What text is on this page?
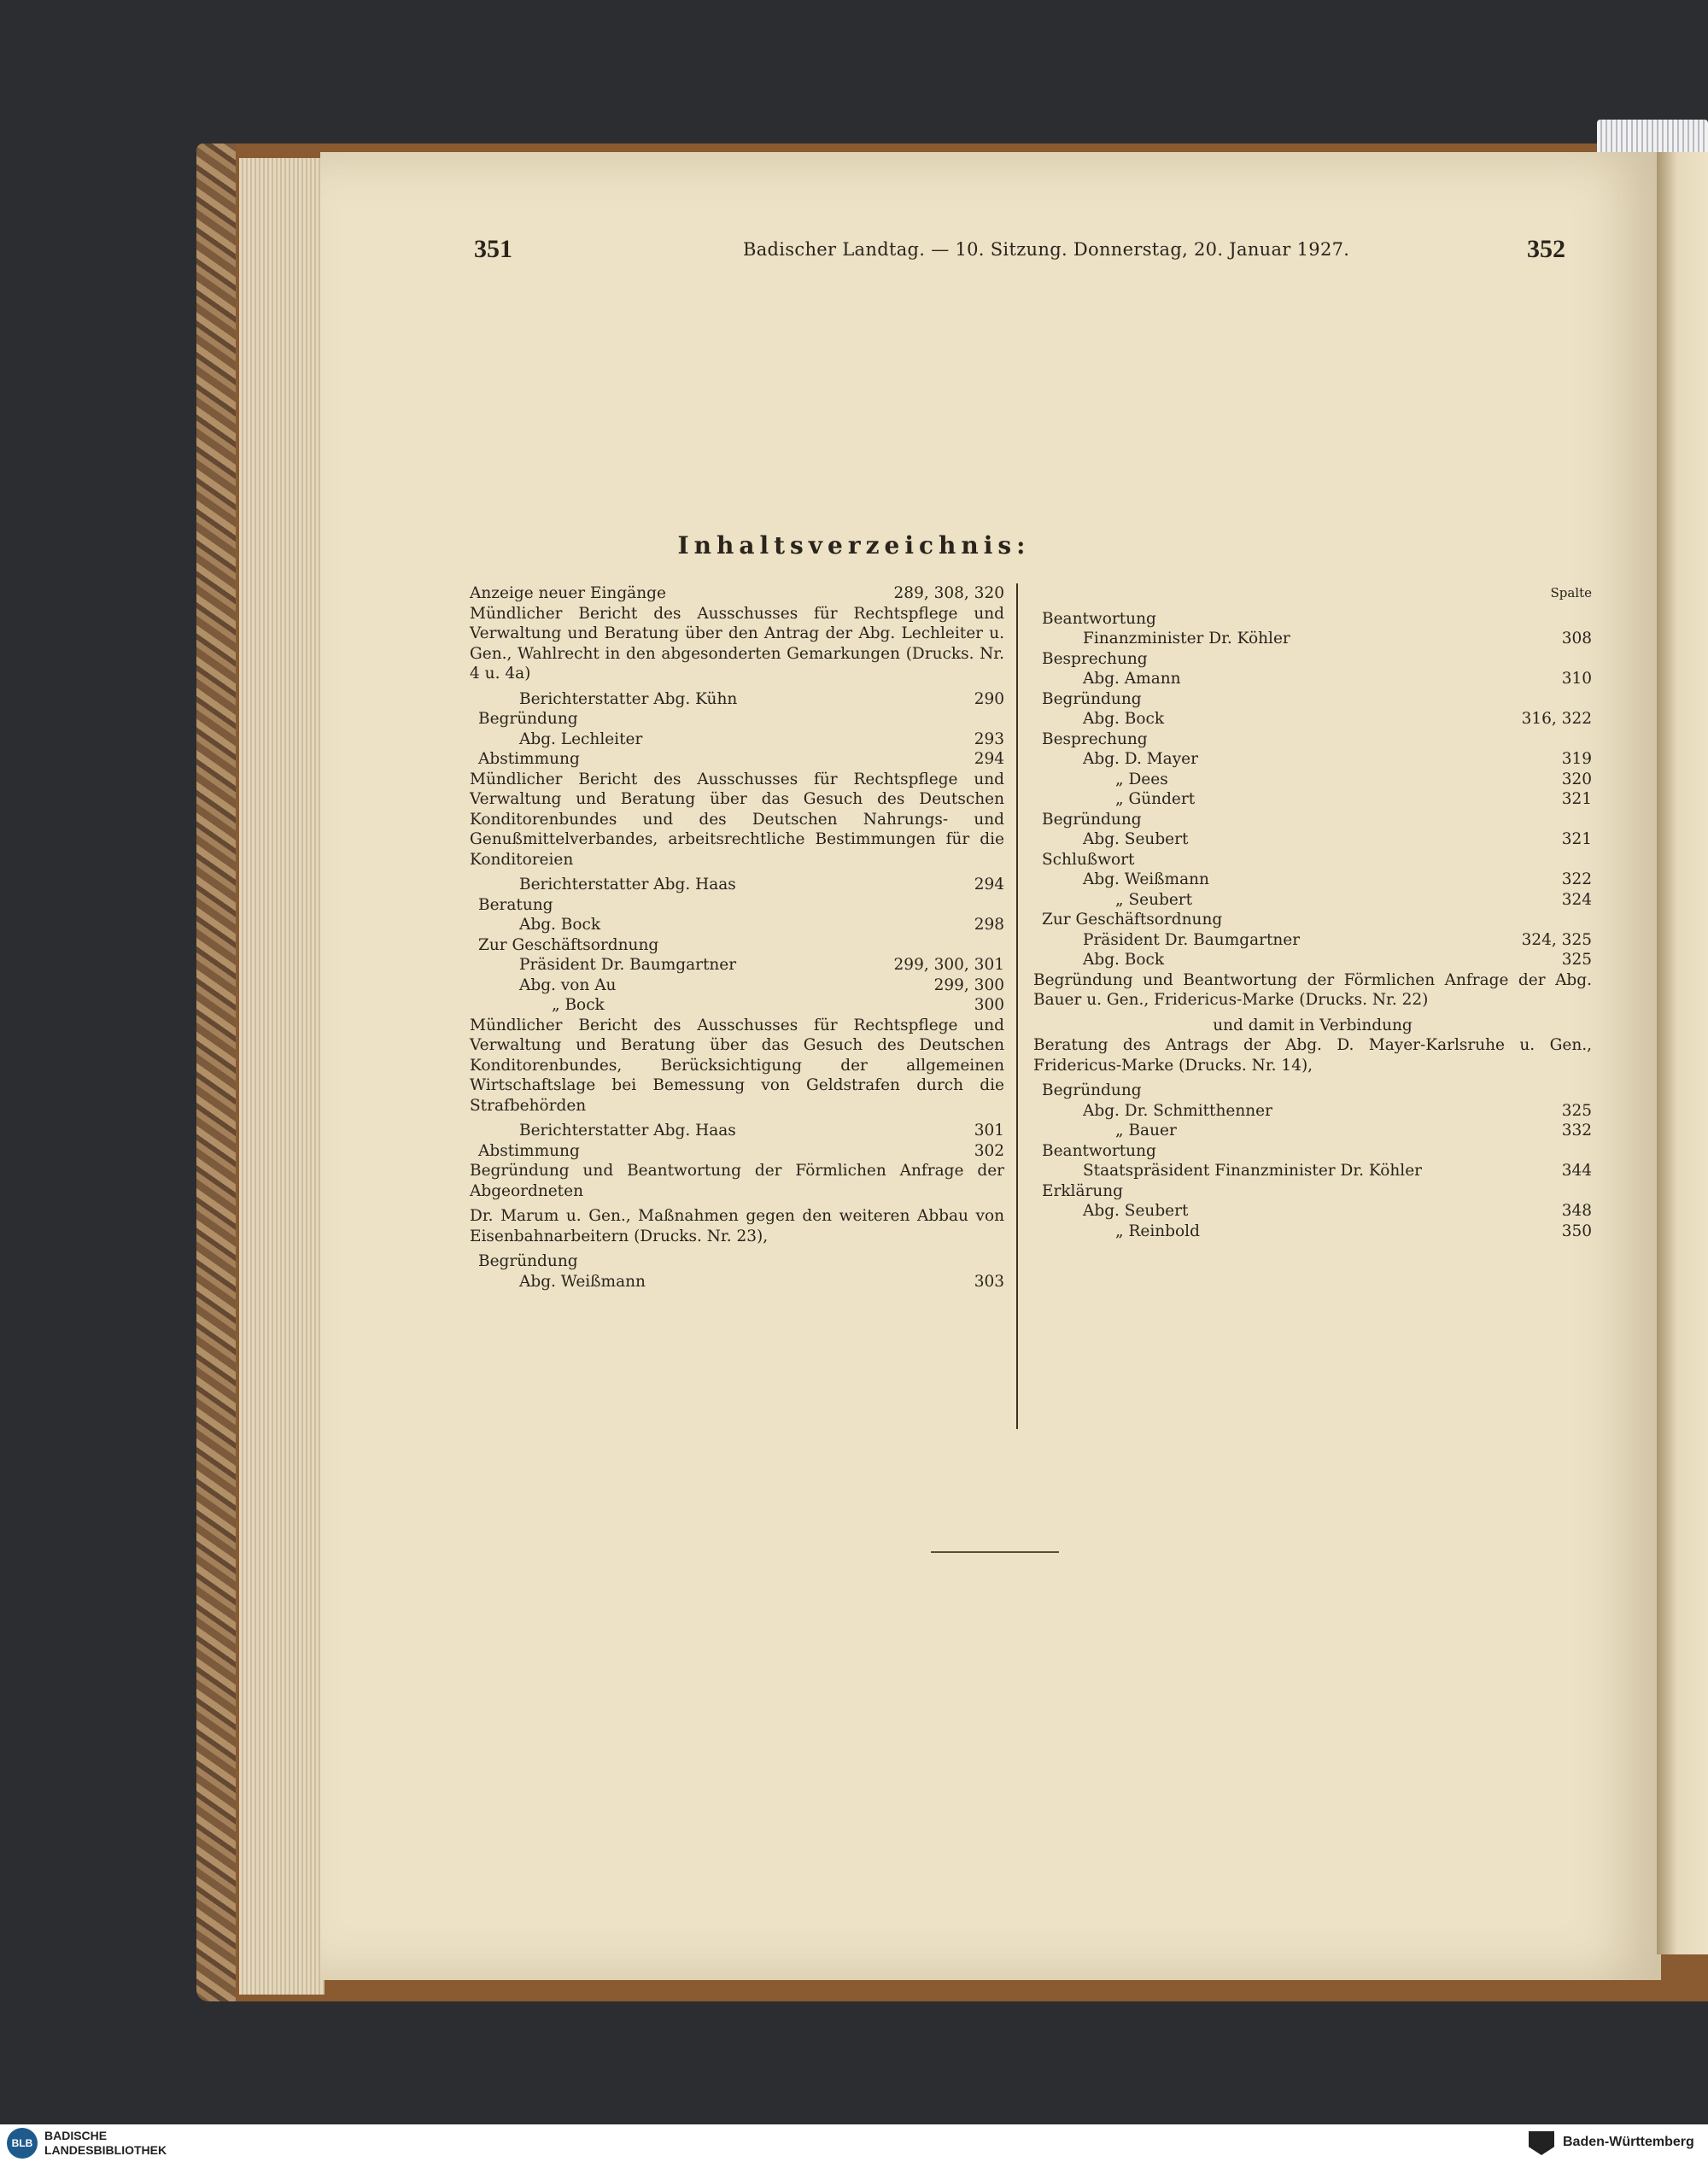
351	Badischer Landtag. — 10. Sitzung. Donnerstag, 20. Januar 1927.	352
Inhaltsverzeichnis:
Anzeige neuer Eingänge	289, 308, 320
Mündlicher Bericht des Ausschusses für Rechtspflege und Verwaltung und Beratung über den Antrag der Abg. Lechleiter u. Gen., Wahlrecht in den abgesonderten Gemarkungen (Drucks. Nr. 4 u. 4a)
Berichterstatter Abg. Kühn	290
Begründung
Abg. Lechleiter	293
Abstimmung	294
Mündlicher Bericht des Ausschusses für Rechtspflege und Verwaltung und Beratung über das Gesuch des Deutschen Konditorenbundes und des Deutschen Nahrungs- und Genußmittelverbandes, arbeitsrechtliche Bestimmungen für die Konditoreien
Berichterstatter Abg. Haas	294
Beratung
Abg. Bock	298
Zur Geschäftsordnung
Präsident Dr. Baumgartner	299, 300, 301
Abg. von Au	299, 300
„ Bock	300
Mündlicher Bericht des Ausschusses für Rechtspflege und Verwaltung und Beratung über das Gesuch des Deutschen Konditorenbundes, Berücksichtigung der allgemeinen Wirtschaftslage bei Bemessung von Geldstrafen durch die Strafbehörden
Berichterstatter Abg. Haas	301
Abstimmung	302
Begründung und Beantwortung der Förmlichen Anfrage der Abgeordneten
Dr. Marum u. Gen., Maßnahmen gegen den weiteren Abbau von Eisenbahnarbeitern (Drucks. Nr. 23),
Begründung
Abg. Weißmann	303
Spalte
Beantwortung
Finanzminister Dr. Köhler	308
Besprechung
Abg. Amann	310
Begründung
Abg. Bock	316, 322
Besprechung
Abg. D. Mayer	319
„ Dees	320
„ Gündert	321
Begründung
Abg. Seubert	321
Schlußwort
Abg. Weißmann	322
„ Seubert	324
Zur Geschäftsordnung
Präsident Dr. Baumgartner	324, 325
Abg. Bock	325
Begründung und Beantwortung der Förmlichen Anfrage der Abg. Bauer u. Gen., Fridericus-Marke (Drucks. Nr. 22)
und damit in Verbindung
Beratung des Antrags der Abg. D. Mayer-Karlsruhe u. Gen., Fridericus-Marke (Drucks. Nr. 14),
Begründung
Abg. Dr. Schmitthenner	325
„ Bauer	332
Beantwortung
Staatspräsident Finanzminister Dr. Köhler	344
Erklärung
Abg. Seubert	348
„ Reinbold	350
BLB
BADISCHE
LANDESBIBLIOTHEK
Baden-Württemberg
